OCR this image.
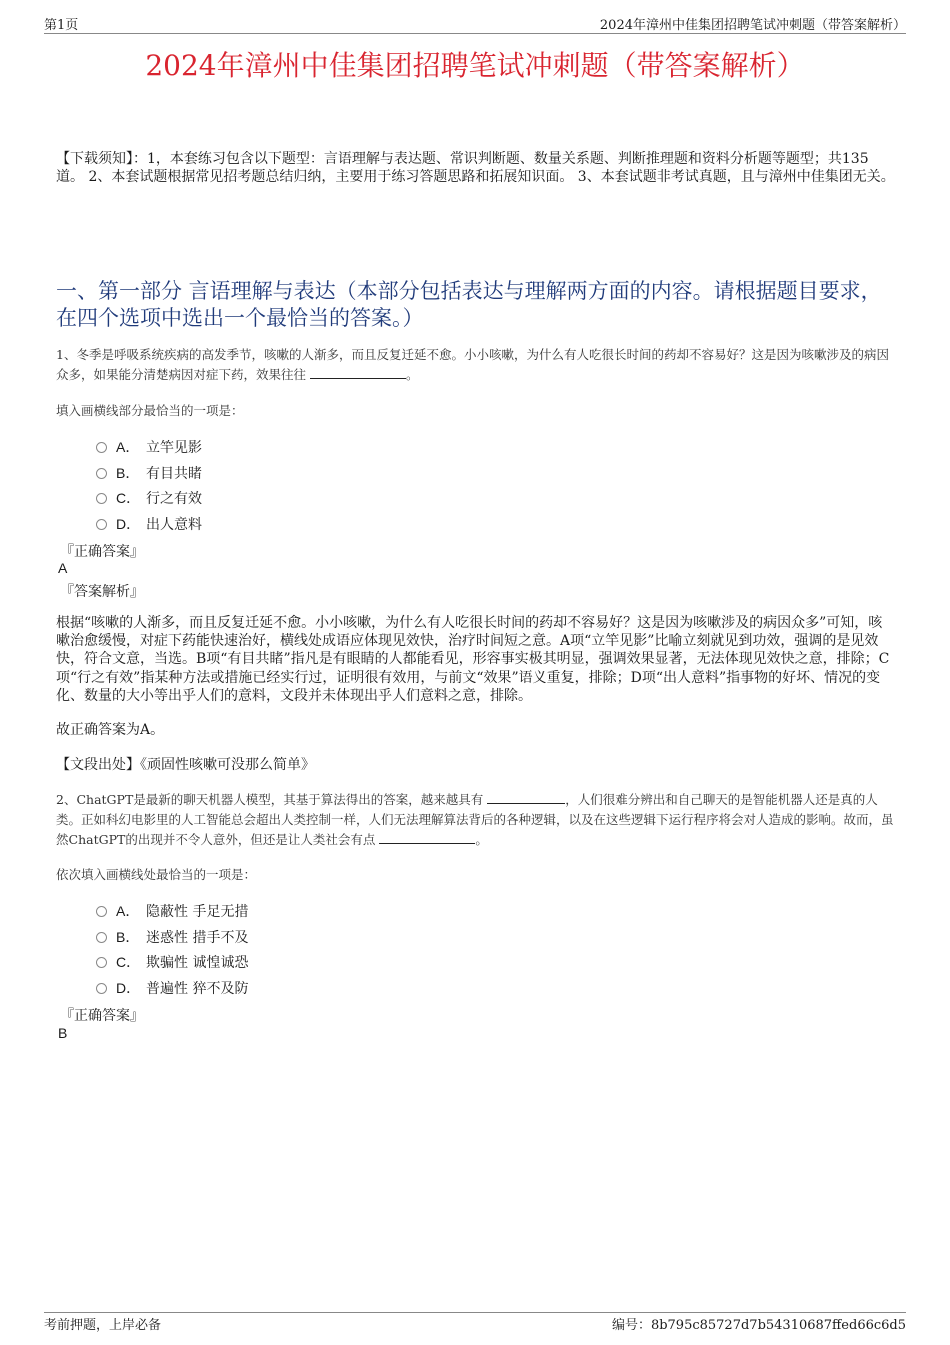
第1页	2024年漳州中佳集团招聘笔试冲刺题（带答案解析）
2024年漳州中佳集团招聘笔试冲刺题（带答案解析）
【下载须知】：1，本套练习包含以下题型：言语理解与表达题、常识判断题、数量关系题、判断推理题和资料分析题等题型；共135道。 2、本套试题根据常见招考题总结归纳，主要用于练习答题思路和拓展知识面。 3、本套试题非考试真题，且与漳州中佳集团无关。
一、第一部分 言语理解与表达（本部分包括表达与理解两方面的内容。请根据题目要求，在四个选项中选出一个最恰当的答案。）
1、冬季是呼吸系统疾病的高发季节，咳嗽的人渐多，而且反复迁延不愈。小小咳嗽，为什么有人吃很长时间的药却不容易好？这是因为咳嗽涉及的病因众多，如果能分清楚病因对症下药，效果往往	。
填入画横线部分最恰当的一项是：
A． 立竿见影
B． 有目共睹
C． 行之有效
D． 出人意料
『正确答案』
A
『答案解析』
根据“咳嗽的人渐多，而且反复迁延不愈。小小咳嗽，为什么有人吃很长时间的药却不容易好？这是因为咳嗽涉及的病因众多”可知，咳嗽治愈缓慢，对症下药能快速治好，横线处成语应体现见效快，治疗时间短之意。A项“立竿见影”比喻立刻就见到功效，强调的是见效快，符合文意，当选。B项“有目共睹”指凡是有眼睛的人都能看见，形容事实极其明显，强调效果显著，无法体现见效快之意，排除；C项“行之有效”指某种方法或措施已经实行过，证明很有效用，与前文“效果”语义重复，排除；D项“出人意料”指事物的好坏、情况的变化、数量的大小等出乎人们的意料，文段并未体现出乎人们意料之意，排除。
故正确答案为A。
【文段出处】《顽固性咳嗽可没那么简单》
2、ChatGPT是最新的聊天机器人模型，其基于算法得出的答案，越来越具有	，人们很难分辨出和自己聊天的是智能机器人还是真的人类。正如科幻电影里的人工智能总会超出人类控制一样，人们无法理解算法背后的各种逻辑，以及在这些逻辑下运行程序将会对人造成的影响。故而，虽然ChatGPT的出现并不令人意外，但还是让人类社会有点	。
依次填入画横线处最恰当的一项是：
A． 隐蔽性 手足无措
B． 迷惑性 措手不及
C． 欺骗性 诚惶诚恐
D． 普遍性 猝不及防
『正确答案』
B
考前押题，上岸必备	编号：8b795c85727d7b54310687ffed66c6d5
